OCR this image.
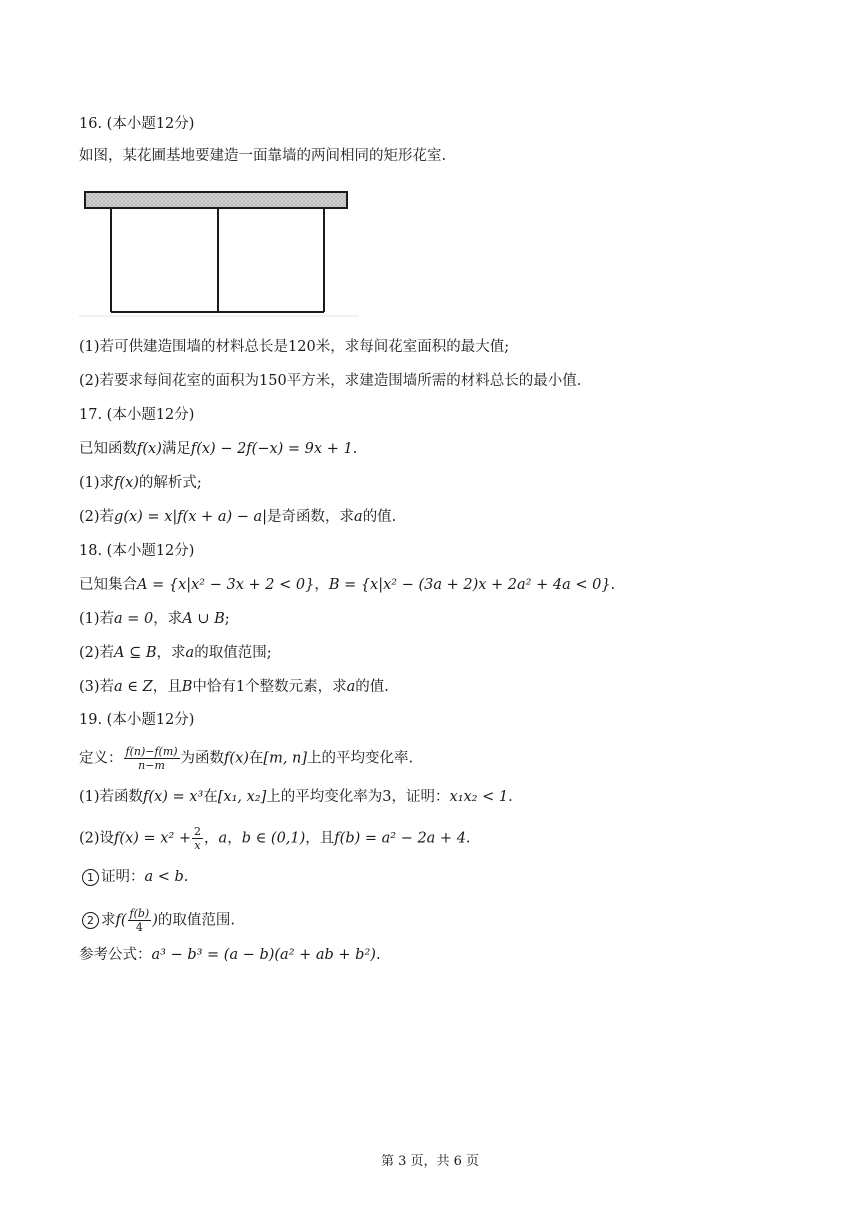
16. (本小题12分)
如图，某花圃基地要建造一面靠墙的两间相同的矩形花室.
(1)若可供建造围墙的材料总长是120米，求每间花室面积的最大值;
(2)若要求每间花室的面积为150平方米，求建造围墙所需的材料总长的最小值.
17. (本小题12分)
已知函数f(x)满足f(x) − 2f(−x) = 9x + 1.
(1)求f(x)的解析式;
(2)若g(x) = x|f(x + a) − a|是奇函数，求a的值.
18. (本小题12分)
已知集合A = {x|x² − 3x + 2 < 0}，B = {x|x² − (3a + 2)x + 2a² + 4a < 0}.
(1)若a = 0，求A ∪ B;
(2)若A ⊆ B，求a的取值范围;
(3)若a ∈ Z，且B中恰有1个整数元素，求a的值.
19. (本小题12分)
定义： $\frac{f(n)-f(m)}{n-m}$ 为函数f(x)在[m, n]上的平均变化率.
(1)若函数f(x) = x³在[x₁, x₂]上的平均变化率为3，证明：x₁x₂ < 1.
(2)设$f(x) = x^2 + \frac{2}{x}$ ，a，b ∈ (0,1)，且f(b) = a² − 2a + 4.
1 证明：a < b.
2 求$f( \frac{f(b)}{4}$ )的取值范围.
参考公式：a³ − b³ = (a − b)(a² + ab + b²).
第 3 页，共 6 页
